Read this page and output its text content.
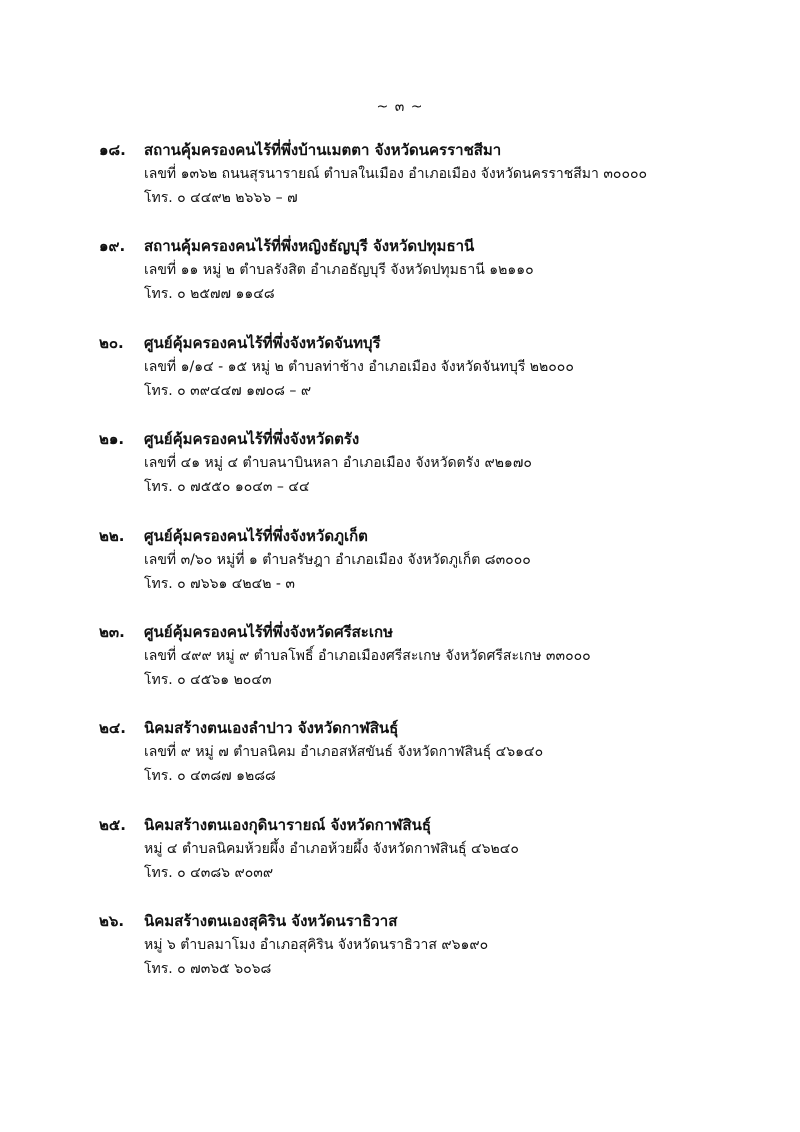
~ ๓ ~
๑๘. สถานคุ้มครองคนไร้ที่พึ่งบ้านเมตตา จังหวัดนครราชสีมา
เลขที่ ๑๓๖๒ ถนนสุรนารายณ์ ตำบลในเมือง อำเภอเมือง จังหวัดนครราชสีมา ๓๐๐๐๐
โทร. ๐ ๔๔๙๒ ๒๖๖๖ – ๗
๑๙. สถานคุ้มครองคนไร้ที่พึ่งหญิงธัญบุรี จังหวัดปทุมธานี
เลขที่ ๑๑ หมู่ ๒ ตำบลรังสิต อำเภอธัญบุรี จังหวัดปทุมธานี ๑๒๑๑๐
โทร. ๐ ๒๕๗๗ ๑๑๔๘
๒๐. ศูนย์คุ้มครองคนไร้ที่พึ่งจังหวัดจันทบุรี
เลขที่ ๑/๑๔ - ๑๕ หมู่ ๒ ตำบลท่าช้าง อำเภอเมือง จังหวัดจันทบุรี ๒๒๐๐๐
โทร. ๐ ๓๙๔๔๗ ๑๗๐๘ – ๙
๒๑. ศูนย์คุ้มครองคนไร้ที่พึ่งจังหวัดตรัง
เลขที่ ๔๑ หมู่ ๔ ตำบลนาบินหลา อำเภอเมือง จังหวัดตรัง ๙๒๑๗๐
โทร. ๐ ๗๕๕๐ ๑๐๔๓ – ๔๔
๒๒. ศูนย์คุ้มครองคนไร้ที่พึ่งจังหวัดภูเก็ต
เลขที่ ๓/๖๐ หมู่ที่ ๑ ตำบลรัษฎา อำเภอเมือง จังหวัดภูเก็ต ๘๓๐๐๐
โทร. ๐ ๗๖๖๑ ๔๒๔๒ - ๓
๒๓. ศูนย์คุ้มครองคนไร้ที่พึ่งจังหวัดศรีสะเกษ
เลขที่ ๔๙๙ หมู่ ๙ ตำบลโพธิ์ อำเภอเมืองศรีสะเกษ จังหวัดศรีสะเกษ ๓๓๐๐๐
โทร. ๐ ๔๕๖๑ ๒๐๔๓
๒๔. นิคมสร้างตนเองลำปาว จังหวัดกาฬสินธุ์
เลขที่ ๙ หมู่ ๗ ตำบลนิคม อำเภอสหัสขันธ์ จังหวัดกาฬสินธุ์ ๔๖๑๔๐
โทร. ๐ ๔๓๘๗ ๑๒๘๘
๒๕. นิคมสร้างตนเองกุดินารายณ์ จังหวัดกาฬสินธุ์
หมู่ ๔ ตำบลนิคมห้วยผึ้ง อำเภอห้วยผึ้ง จังหวัดกาฬสินธุ์ ๔๖๒๔๐
โทร. ๐ ๔๓๘๖ ๙๐๓๙
๒๖. นิคมสร้างตนเองสุคิริน จังหวัดนราธิวาส
หมู่ ๖ ตำบลมาโมง อำเภอสุคิริน จังหวัดนราธิวาส ๙๖๑๙๐
โทร. ๐ ๗๓๖๕ ๖๐๖๘
